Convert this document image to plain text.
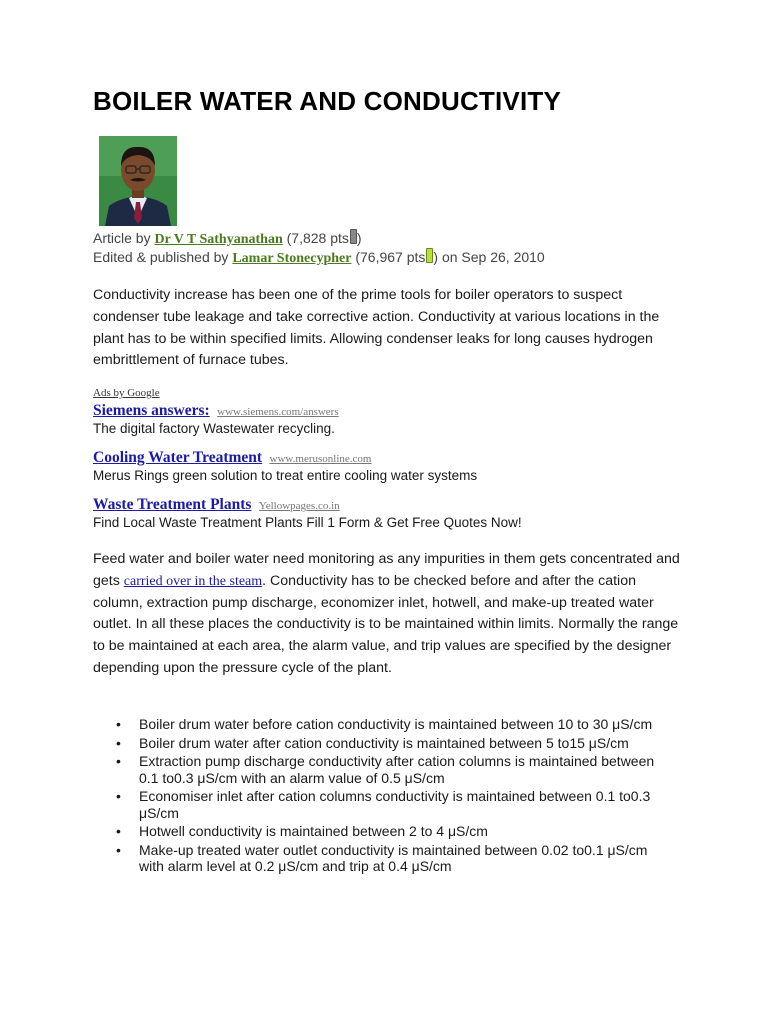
BOILER WATER AND CONDUCTIVITY
Article by Dr V T Sathyanathan (7,828 pts )
Edited & published by Lamar Stonecypher (76,967 pts ) on Sep 26, 2010

Conductivity increase has been one of the prime tools for boiler operators to suspect condenser tube leakage and take corrective action. Conductivity at various locations in the plant has to be within specified limits. Allowing condenser leaks for long causes hydrogen embrittlement of furnace tubes.

Ads by Google
Siemens answers: www.siemens.com/answers
The digital factory Wastewater recycling.
Cooling Water Treatment www.merusonline.com
Merus Rings green solution to treat entire cooling water systems
Waste Treatment Plants Yellowpages.co.in
Find Local Waste Treatment Plants Fill 1 Form & Get Free Quotes Now!

Feed water and boiler water need monitoring as any impurities in them gets concentrated and gets carried over in the steam. Conductivity has to be checked before and after the cation column, extraction pump discharge, economizer inlet, hotwell, and make-up treated water outlet. In all these places the conductivity is to be maintained within limits. Normally the range to be maintained at each area, the alarm value, and trip values are specified by the designer depending upon the pressure cycle of the plant.

• Boiler drum water before cation conductivity is maintained between 10 to 30 μS/cm
• Boiler drum water after cation conductivity is maintained between 5 to15 μS/cm
• Extraction pump discharge conductivity after cation columns is maintained between 0.1 to0.3 μS/cm with an alarm value of 0.5 μS/cm
• Economiser inlet after cation columns conductivity is maintained between 0.1 to0.3 μS/cm
• Hotwell conductivity is maintained between 2 to 4 μS/cm
• Make-up treated water outlet conductivity is maintained between 0.02 to0.1 μS/cm with alarm level at 0.2 μS/cm and trip at 0.4 μS/cm
